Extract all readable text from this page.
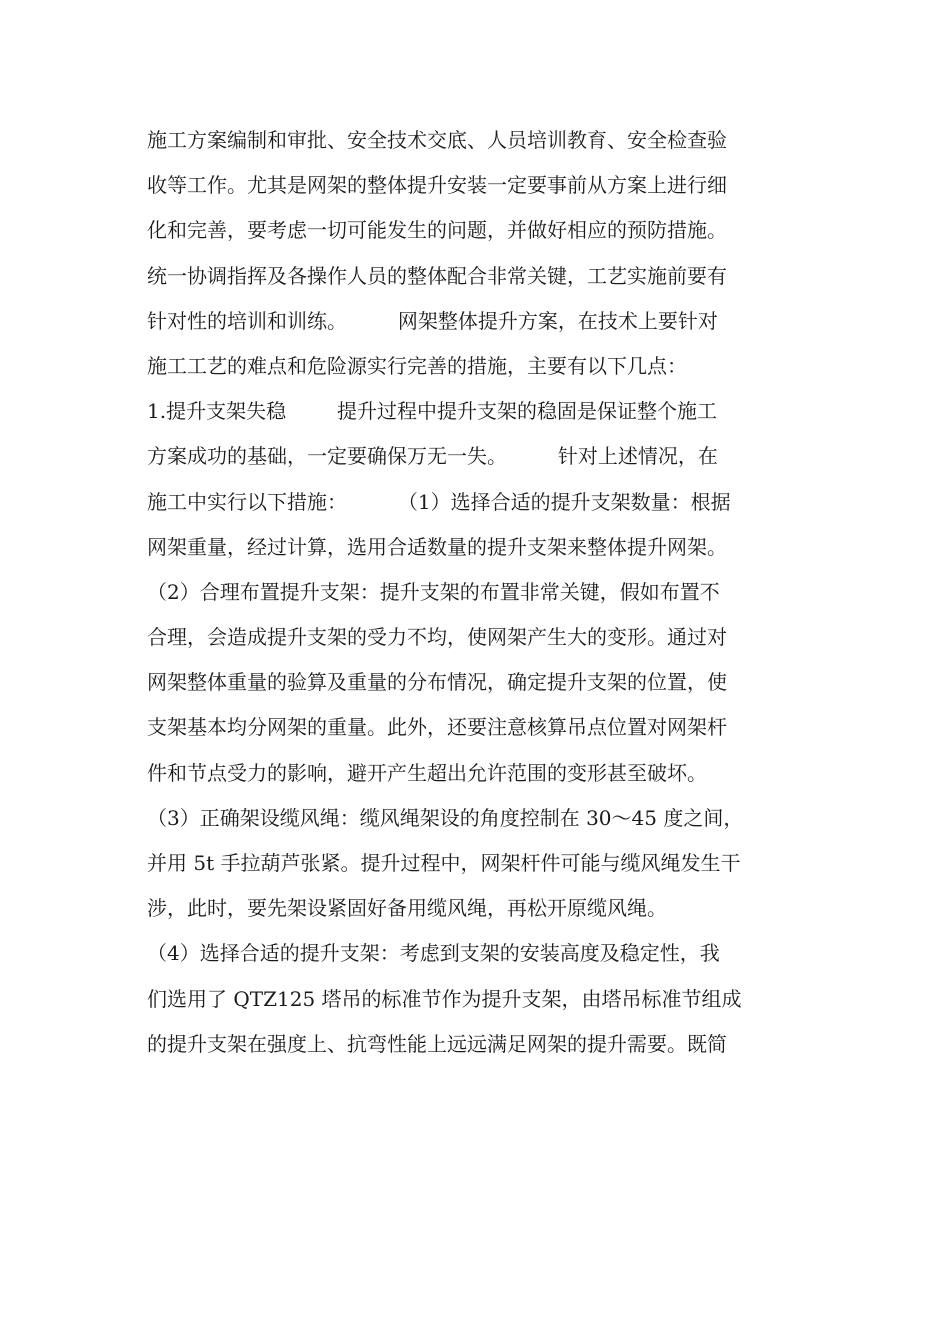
施工方案编制和审批、安全技术交底、人员培训教育、安全检查验
收等工作。尤其是网架的整体提升安装一定要事前从方案上进行细
化和完善，要考虑一切可能发生的问题，并做好相应的预防措施。
统一协调指挥及各操作人员的整体配合非常关键，工艺实施前要有
针对性的培训和训练。        网架整体提升方案，在技术上要针对
施工工艺的难点和危险源实行完善的措施，主要有以下几点：
1.提升支架失稳        提升过程中提升支架的稳固是保证整个施工
方案成功的基础，一定要确保万无一失。        针对上述情况，在
施工中实行以下措施：        （1）选择合适的提升支架数量：根据
网架重量，经过计算，选用合适数量的提升支架来整体提升网架。
（2）合理布置提升支架：提升支架的布置非常关键，假如布置不
合理，会造成提升支架的受力不均，使网架产生大的变形。通过对
网架整体重量的验算及重量的分布情况，确定提升支架的位置，使
支架基本均分网架的重量。此外，还要注意核算吊点位置对网架杆
件和节点受力的影响，避开产生超出允许范围的变形甚至破坏。
（3）正确架设缆风绳：缆风绳架设的角度控制在 30～45 度之间，
并用 5t 手拉葫芦张紧。提升过程中，网架杆件可能与缆风绳发生干
涉，此时，要先架设紧固好备用缆风绳，再松开原缆风绳。
（4）选择合适的提升支架：考虑到支架的安装高度及稳定性，我
们选用了 QTZ125 塔吊的标准节作为提升支架，由塔吊标准节组成
的提升支架在强度上、抗弯性能上远远满足网架的提升需要。既简
